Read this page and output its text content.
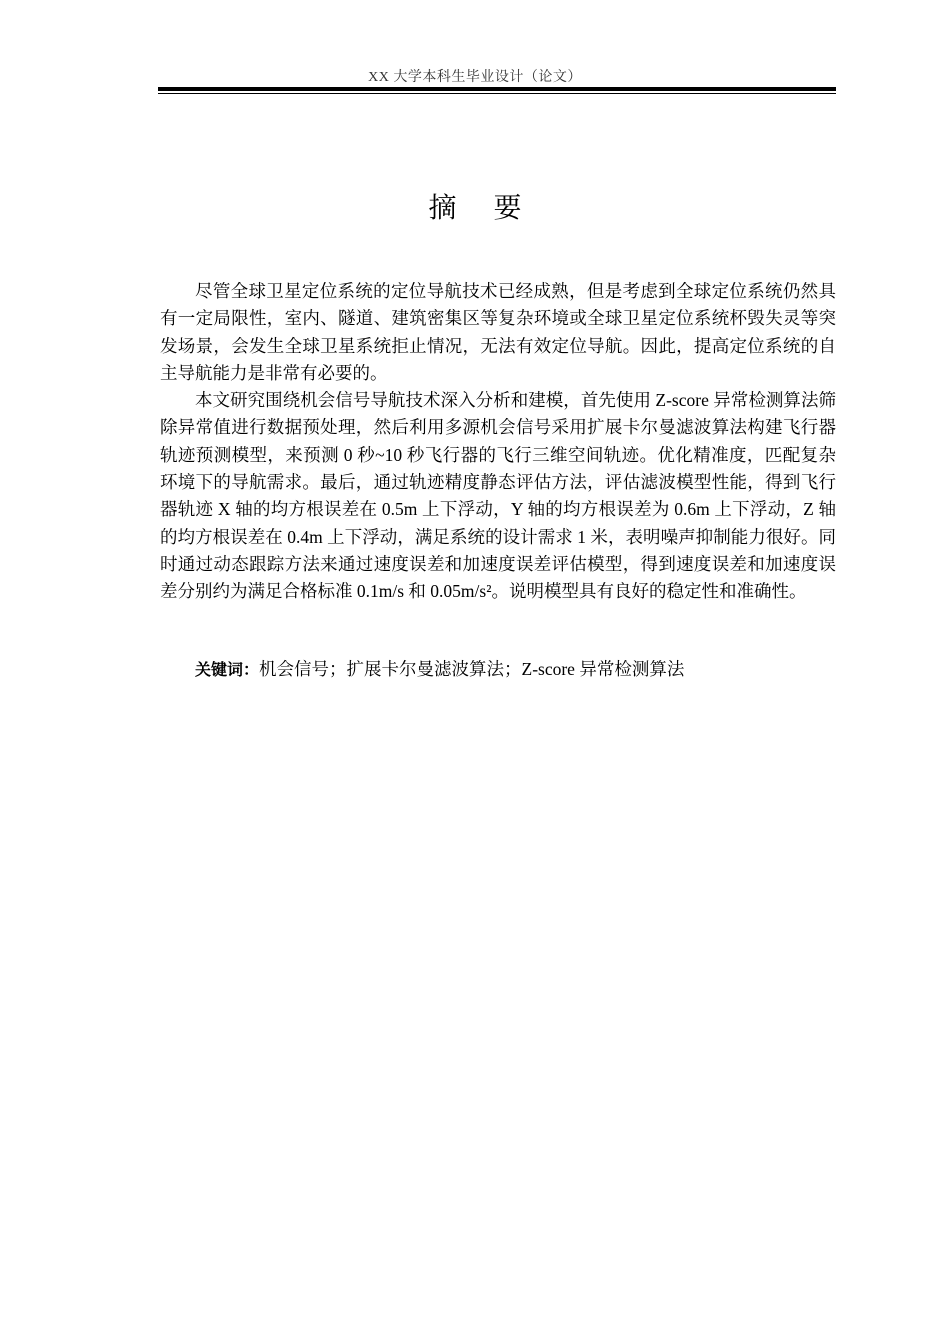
XX 大学本科生毕业设计（论文）
摘 要

尽管全球卫星定位系统的定位导航技术已经成熟，但是考虑到全球定位系统仍然具有一定局限性，室内、隧道、建筑密集区等复杂环境或全球卫星定位系统杯毁失灵等突发场景，会发生全球卫星系统拒止情况，无法有效定位导航。因此，提高定位系统的自主导航能力是非常有必要的。

本文研究围绕机会信号导航技术深入分析和建模，首先使用 Z-score 异常检测算法筛除异常值进行数据预处理，然后利用多源机会信号采用扩展卡尔曼滤波算法构建飞行器轨迹预测模型，来预测 0 秒~10 秒飞行器的飞行三维空间轨迹。优化精准度，匹配复杂环境下的导航需求。最后，通过轨迹精度静态评估方法，评估滤波模型性能，得到飞行器轨迹 X 轴的均方根误差在 0.5m 上下浮动，Y 轴的均方根误差为 0.6m 上下浮动，Z 轴的均方根误差在 0.4m 上下浮动，满足系统的设计需求 1 米，表明噪声抑制能力很好。同时通过动态跟踪方法来通过速度误差和加速度误差评估模型，得到速度误差和加速度误差分别约为满足合格标准 0.1m/s 和 0.05m/s²。说明模型具有良好的稳定性和准确性。

关键词：机会信号；扩展卡尔曼滤波算法；Z-score 异常检测算法
